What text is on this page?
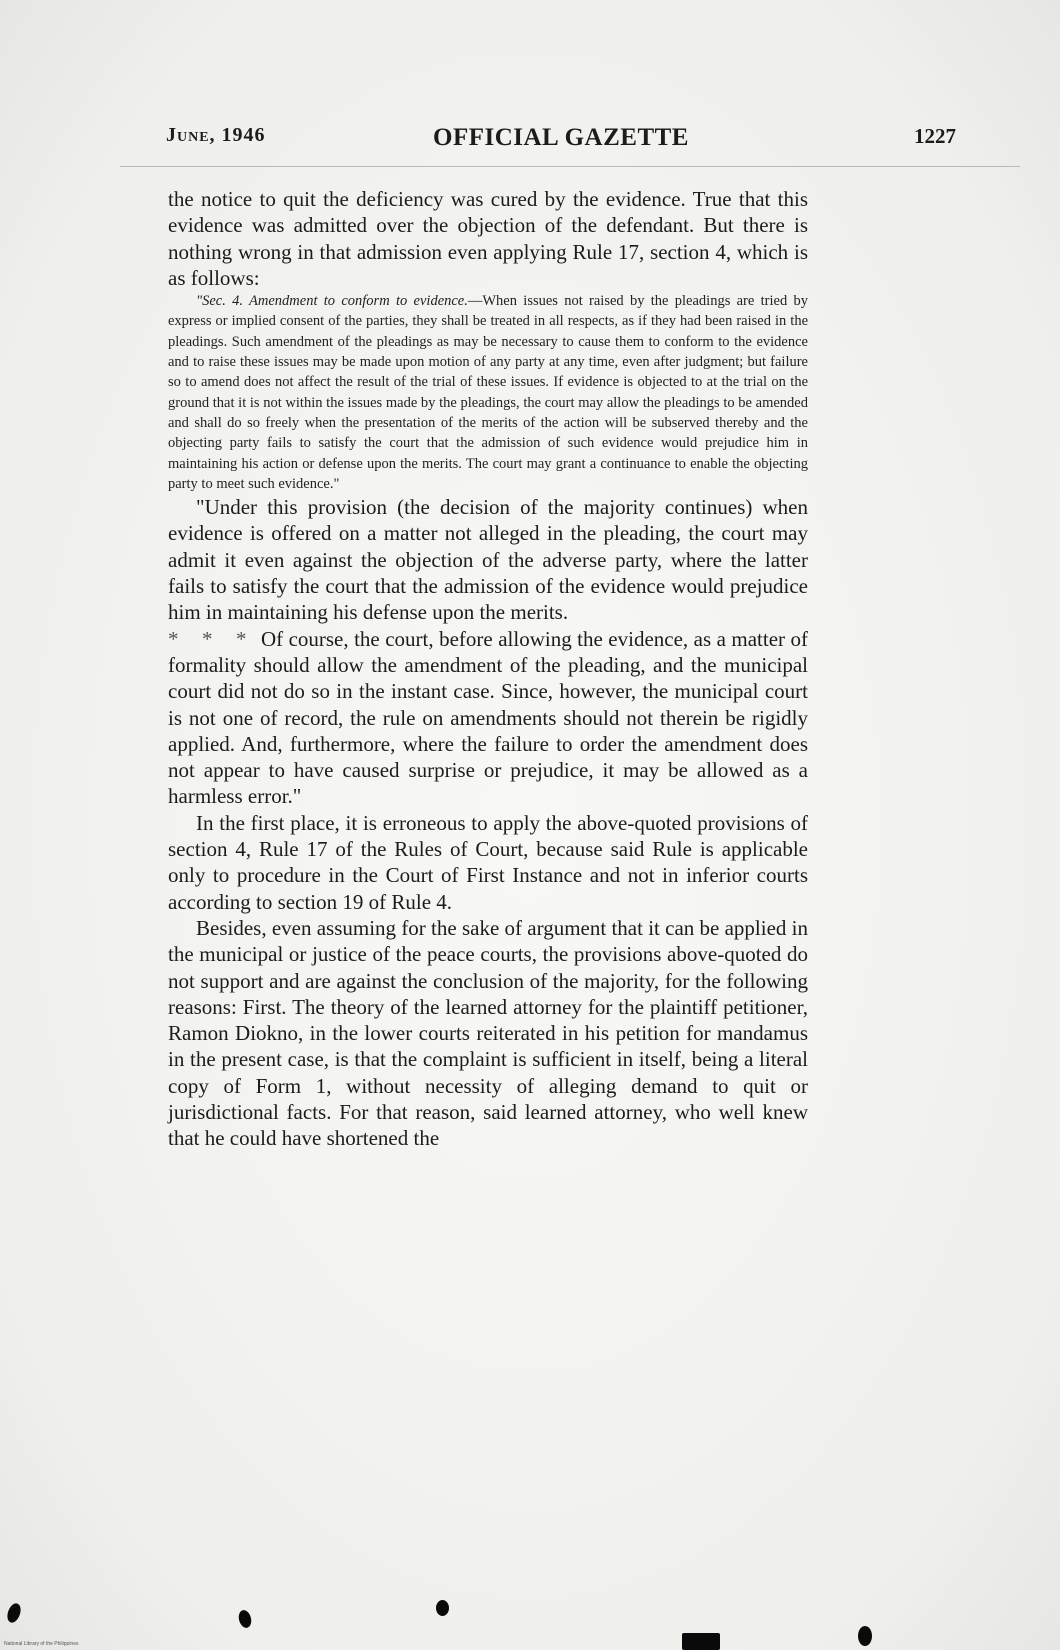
June, 1946	OFFICIAL GAZETTE	1227

the notice to quit the deficiency was cured by the evidence. True that this evidence was admitted over the objection of the defendant. But there is nothing wrong in that admission even applying Rule 17, section 4, which is as follows:

"Sec. 4. Amendment to conform to evidence.—When issues not raised by the pleadings are tried by express or implied consent of the parties, they shall be treated in all respects, as if they had been raised in the pleadings. Such amendment of the pleadings as may be necessary to cause them to conform to the evidence and to raise these issues may be made upon motion of any party at any time, even after judgment; but failure so to amend does not affect the result of the trial of these issues. If evidence is objected to at the trial on the ground that it is not within the issues made by the pleadings, the court may allow the pleadings to be amended and shall do so freely when the presentation of the merits of the action will be subserved thereby and the objecting party fails to satisfy the court that the admission of such evidence would prejudice him in maintaining his action or defense upon the merits. The court may grant a continuance to enable the objecting party to meet such evidence."

"Under this provision (the decision of the majority continues) when evidence is offered on a matter not alleged in the pleading, the court may admit it even against the objection of the adverse party, where the latter fails to satisfy the court that the admission of the evidence would prejudice him in maintaining his defense upon the merits.
* * * Of course, the court, before allowing the evidence, as a matter of formality should allow the amendment of the pleading, and the municipal court did not do so in the instant case. Since, however, the municipal court is not one of record, the rule on amendments should not therein be rigidly applied. And, furthermore, where the failure to order the amendment does not appear to have caused surprise or prejudice, it may be allowed as a harmless error."

In the first place, it is erroneous to apply the above-quoted provisions of section 4, Rule 17 of the Rules of Court, because said Rule is applicable only to procedure in the Court of First Instance and not in inferior courts according to section 19 of Rule 4.

Besides, even assuming for the sake of argument that it can be applied in the municipal or justice of the peace courts, the provisions above-quoted do not support and are against the conclusion of the majority, for the following reasons: First. The theory of the learned attorney for the plaintiff petitioner, Ramon Diokno, in the lower courts reiterated in his petition for mandamus in the present case, is that the complaint is sufficient in itself, being a literal copy of Form 1, without necessity of alleging demand to quit or jurisdictional facts. For that reason, said learned attorney, who well knew that he could have shortened the

National Library of the Philippines
